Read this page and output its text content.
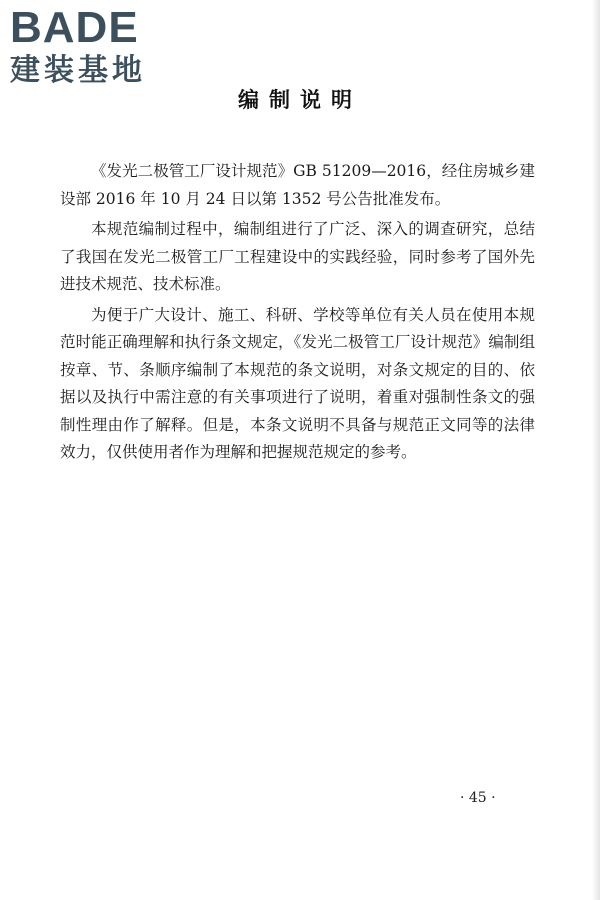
BADE
建装基地
编制说明

《发光二极管工厂设计规范》GB 51209—2016，经住房城乡建设部 2016 年 10 月 24 日以第 1352 号公告批准发布。

本规范编制过程中，编制组进行了广泛、深入的调查研究，总结了我国在发光二极管工厂工程建设中的实践经验，同时参考了国外先进技术规范、技术标准。

为便于广大设计、施工、科研、学校等单位有关人员在使用本规范时能正确理解和执行条文规定，《发光二极管工厂设计规范》编制组按章、节、条顺序编制了本规范的条文说明，对条文规定的目的、依据以及执行中需注意的有关事项进行了说明，着重对强制性条文的强制性理由作了解释。但是，本条文说明不具备与规范正文同等的法律效力，仅供使用者作为理解和把握规范规定的参考。

· 45 ·
